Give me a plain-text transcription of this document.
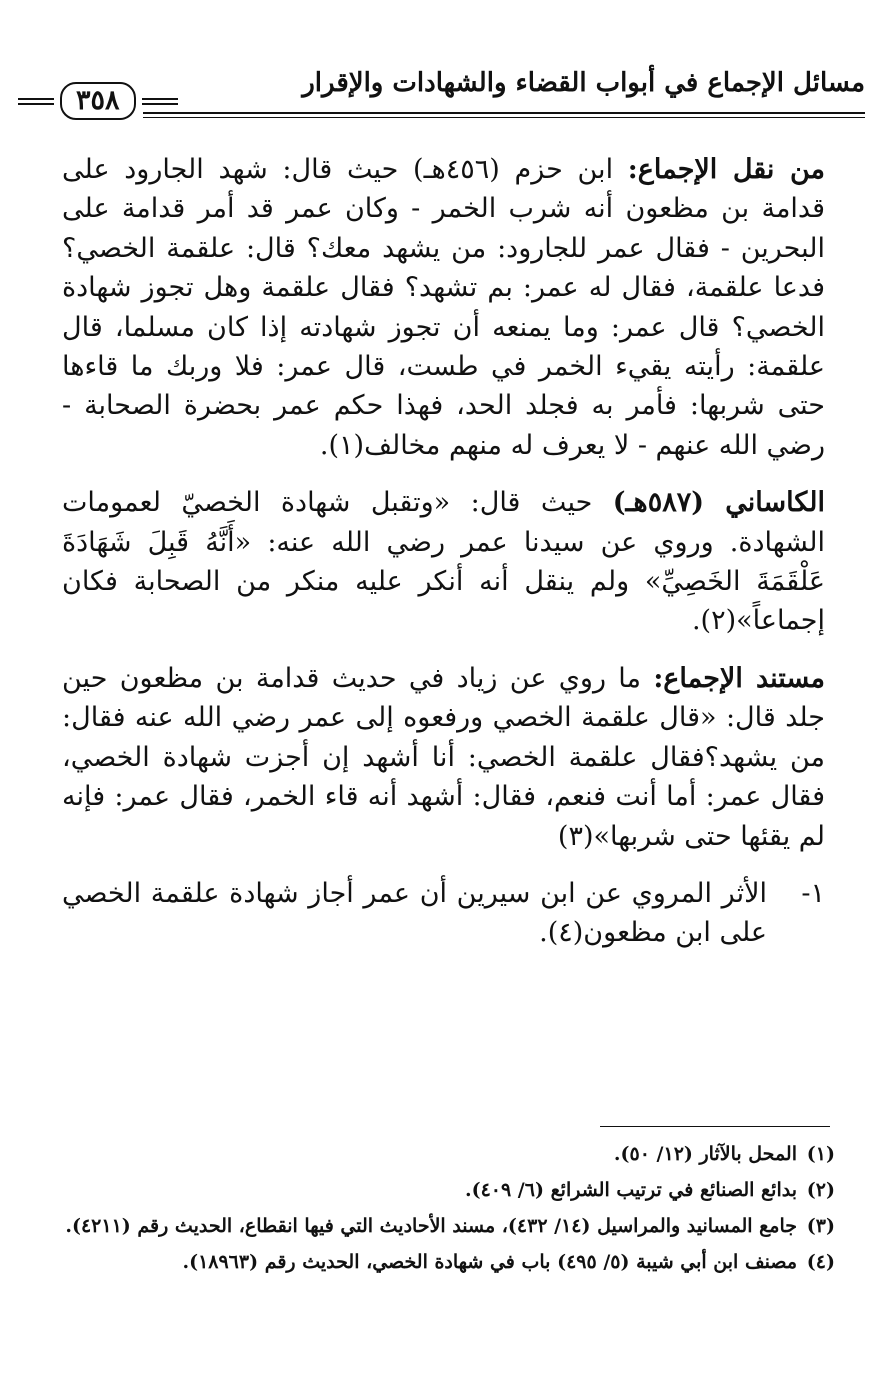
مسائل الإجماع في أبواب القضاء والشهادات والإقرار
٣٥٨

من نقل الإجماع: ابن حزم (٤٥٦هـ) حيث قال: شهد الجارود على قدامة بن مظعون أنه شرب الخمر - وكان عمر قد أمر قدامة على البحرين - فقال عمر للجارود: من يشهد معك؟ قال: علقمة الخصي؟ فدعا علقمة، فقال له عمر: بم تشهد؟ فقال علقمة وهل تجوز شهادة الخصي؟ قال عمر: وما يمنعه أن تجوز شهادته إذا كان مسلما، قال علقمة: رأيته يقيء الخمر في طست، قال عمر: فلا وربك ما قاءها حتى شربها: فأمر به فجلد الحد، فهذا حكم عمر بحضرة الصحابة - رضي الله عنهم - لا يعرف له منهم مخالف(١).

الكاساني (٥٨٧هـ) حيث قال: «وتقبل شهادة الخصيّ لعمومات الشهادة. وروي عن سيدنا عمر رضي الله عنه: «أَنَّهُ قَبِلَ شَهَادَةَ عَلْقَمَةَ الخَصِيِّ» ولم ينقل أنه أنكر عليه منكر من الصحابة فكان إجماعاً»(٢).

مستند الإجماع: ما روي عن زياد في حديث قدامة بن مظعون حين جلد قال: «قال علقمة الخصي ورفعوه إلى عمر رضي الله عنه فقال: من يشهد؟فقال علقمة الخصي: أنا أشهد إن أجزت شهادة الخصي، فقال عمر: أما أنت فنعم، فقال: أشهد أنه قاء الخمر، فقال عمر: فإنه لم يقئها حتى شربها»(٣)

١-
الأثر المروي عن ابن سيرين أن عمر أجاز شهادة علقمة الخصي على ابن مظعون(٤).
(١)
المحل بالآثار (١٢/ ٥٠).
(٢)
بدائع الصنائع في ترتيب الشرائع (٦/ ٤٠٩).
(٣)
جامع المسانيد والمراسيل (١٤/ ٤٣٢)، مسند الأحاديث التي فيها انقطاع، الحديث رقم (٤٢١١).
(٤)
مصنف ابن أبي شيبة (٥/ ٤٩٥) باب في شهادة الخصي، الحديث رقم (١٨٩٦٣).
